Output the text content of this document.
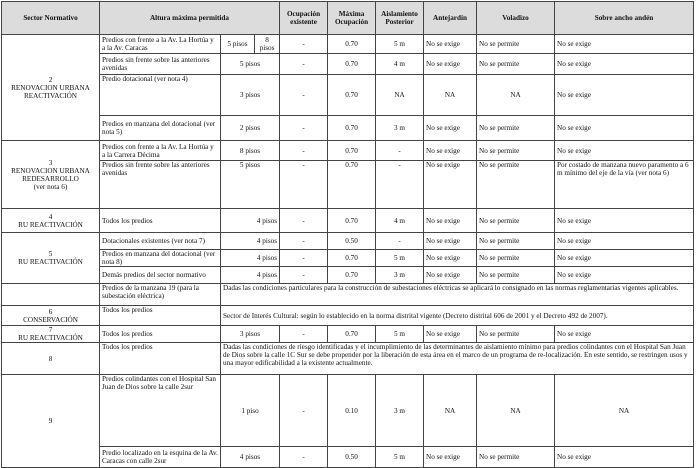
Sector Normativo	Altura máxima permitida			Ocupación existente	Máxima Ocupación	Aislamiento Posterior	Antejardín	Voladizo	Sobre ancho andén	

2
RENOVACION URBANA
REACTIVACIÓN	Predios con frente a la Av. La Hortúa y a la Av. Caracas	5 pisos	8 pisos	-	0.70	5 m	No se exige	No se permite	No se exige	
	Predios sin frente sobre las anteriores avenidas	5 pisos		-	0.70	4 m	No se exige	No se permite	No se exige	
	Predio dotacional (ver nota 4)	3 pisos		-	0.70	NA	NA	NA	No se exige	
	Predios en manzana del dotacional (ver nota 5)	2 pisos		-	0.70	3 m	No se exige	No se permite	No se exige	

3
RENOVACION URBANA
REDESARROLLO
(ver nota 6)	Predios con frente a la Av. La Hortúa y a la Carrera Décima	8 pisos		-	0.70	-	No se exige	No se permite	No se exige	
	Predios sin frente sobre las anteriores avenidas	5 pisos		-	0.70	-	No se exige	No se permite	Por costado de manzana nuevo paramento a 6 m mínimo del eje de la vía (ver nota 6)	

4
RU REACTIVACIÓN	Todos los predios	4 pisos		-	0.70	4 m	No se exige	No se permite	No se exige	

5
RU REACTIVACIÓN	Dotacionales existentes (ver nota 7)	4 pisos		-	0.50	-	No se exige	No se permite	No se exige	
	Predios en manzana del dotacional (ver nota 8)	4 pisos		-	0.70	5 m	No se exige	No se permite	No se exige	
	Demás predios del sector normativo	4 pisos		-	0.70	3 m	No se exige	No se permite	No se exige	
	Predios de la manzana 19 (para la subestación eléctrica)	Dadas las condiciones particulares para la construcción de subestaciones eléctricas se aplicará lo consignado en las normas reglamentarias vigentes aplicables.								

6
CONSERVACIÓN	Todos los predios	Sector de Interés Cultural: según lo establecido en la norma distrital vigente (Decreto distrital 606 de 2001 y el Decreto 492 de 2007).								

7
RU REACTIVACIÓN	Todos los predios	3 pisos		-	0.70	5 m	No se exige	No se permite	No se exige	
8	Todos los predios	Dadas las condiciones de riesgo identificadas y el incumplimiento de las determinantes de aislamiento mínimo para predios colindantes con el Hospital San Juan de Dios sobre la calle 1C Sur se debe propender por la liberación de esta área en el marco de un programa de re-localización. En este sentido, se restringen usos y una mayor edificabilidad a la existente actualmente.								
9	Predios colindantes con el Hospital San Juan de Dios sobre la calle 2sur	1 piso		-	0.10	3 m	NA	NA	NA	
	Predio localizado en la esquina de la Av. Caracas con calle 2sur	4 pisos		-	0.50	5 m	No se exige	No se permite	No se exige	
